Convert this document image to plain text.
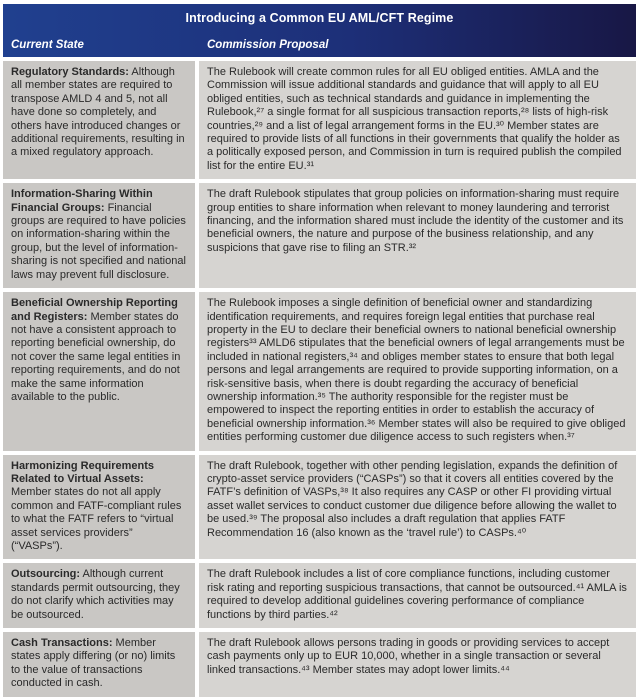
Introducing a Common EU AML/CFT Regime
Current State	Commission Proposal
Regulatory Standards: Although all member states are required to transpose AMLD 4 and 5, not all have done so completely, and others have introduced changes or additional requirements, resulting in a mixed regulatory approach.
The Rulebook will create common rules for all EU obliged entities. AMLA and the Commission will issue additional standards and guidance that will apply to all EU obliged entities, such as technical standards and guidance in implementing the Rulebook,²⁷ a single format for all suspicious transaction reports,²⁸ lists of high-risk countries,²⁹ and a list of legal arrangement forms in the EU.³⁰ Member states are required to provide lists of all functions in their governments that qualify the holder as a politically exposed person, and Commission in turn is required publish the compiled list for the entire EU.³¹
Information-Sharing Within Financial Groups: Financial groups are required to have policies on information-sharing within the group, but the level of information-sharing is not specified and national laws may prevent full disclosure.
The draft Rulebook stipulates that group policies on information-sharing must require group entities to share information when relevant to money laundering and terrorist financing, and the information shared must include the identity of the customer and its beneficial owners, the nature and purpose of the business relationship, and any suspicions that gave rise to filing an STR.³²
Beneficial Ownership Reporting and Registers: Member states do not have a consistent approach to reporting beneficial ownership, do not cover the same legal entities in reporting requirements, and do not make the same information available to the public.
The Rulebook imposes a single definition of beneficial owner and standardizing identification requirements, and requires foreign legal entities that purchase real property in the EU to declare their beneficial owners to national beneficial ownership registers³³ AMLD6 stipulates that the beneficial owners of legal arrangements must be included in national registers,³⁴ and obliges member states to ensure that both legal persons and legal arrangements are required to provide supporting information, on a risk-sensitive basis, when there is doubt regarding the accuracy of beneficial ownership information.³⁵ The authority responsible for the register must be empowered to inspect the reporting entities in order to establish the accuracy of beneficial ownership information.³⁶ Member states will also be required to give obliged entities performing customer due diligence access to such registers when.³⁷
Harmonizing Requirements Related to Virtual Assets: Member states do not all apply common and FATF-compliant rules to what the FATF refers to “virtual asset services providers” (“VASPs”).
The draft Rulebook, together with other pending legislation, expands the definition of crypto-asset service providers (“CASPs”) so that it covers all entities covered by the FATF’s definition of VASPs,³⁸ It also requires any CASP or other FI providing virtual asset wallet services to conduct customer due diligence before allowing the wallet to be used.³⁹ The proposal also includes a draft regulation that applies FATF Recommendation 16 (also known as the ‘travel rule’) to CASPs.⁴⁰
Outsourcing: Although current standards permit outsourcing, they do not clarify which activities may be outsourced.
The draft Rulebook includes a list of core compliance functions, including customer risk rating and reporting suspicious transactions, that cannot be outsourced.⁴¹ AMLA is required to develop additional guidelines covering performance of compliance functions by third parties.⁴²
Cash Transactions: Member states apply differing (or no) limits to the value of transactions conducted in cash.
The draft Rulebook allows persons trading in goods or providing services to accept cash payments only up to EUR 10,000, whether in a single transaction or several linked transactions.⁴³ Member states may adopt lower limits.⁴⁴
